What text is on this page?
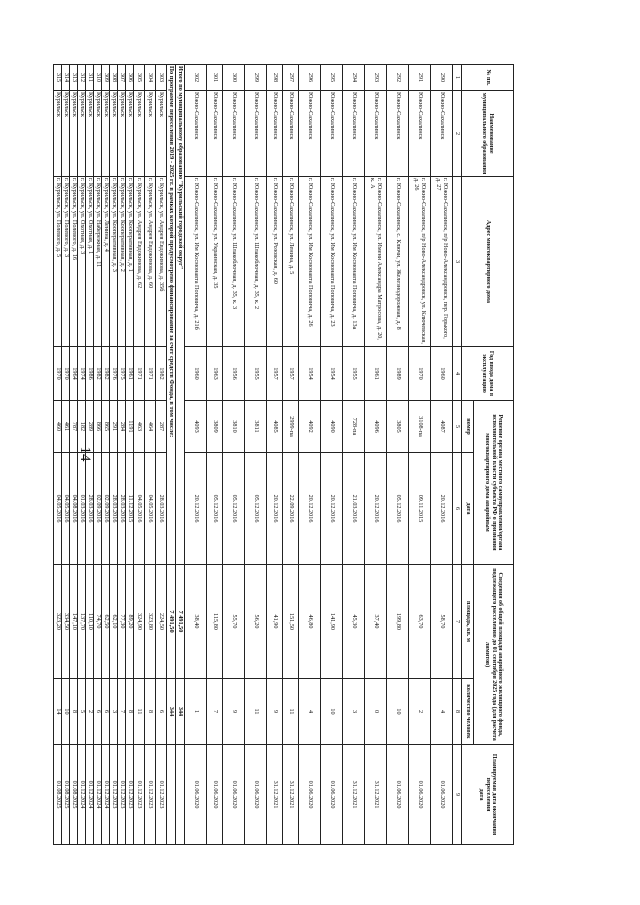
14
№ пп.	Наименование муниципального образования	Адрес многоквартирного дома	Год ввода дома в эксплуатацию	Решение органа местного самоуправления/органа исполнительной власти субъекта РФ о признании многоквартирного дома аварийным		Сведения об общей площади аварийного жилищного фонда, подлежащего расселению до 01 сентября 2025 года (для расчета лимитов)		Планируемая дата окончания переселения
дата
				номер	дата	площадь, кв. м	количество человек	
1	2	3	4	5	6	7	8	9
290	Южно-Сахалинск	г. Южно-Сахалинск, п/р Ново-Александровск, пер. Горького, д. 27	1960	4087	20.12.2016	58,70	4	01.06.2020
291	Южно-Сахалинск	г. Южно-Сахалинск, п/р Ново-Александровск, ул. Ключевская, д. 26	1970	3108-па	09.11.2015	63,70	2	01.06.2020
292	Южно-Сахалинск	г. Южно-Сахалинск, с. Ключи, ул. Железнодорожная, д. 8	1989	3805	05.12.2016	199,80	10	01.06.2020
293	Южно-Сахалинск	г. Южно-Сахалинск, ул. Имени Александра Матросова, д. 20, к. А	1961	4096	20.12.2016	37,40	0	31.12.2021
294	Южно-Сахалинск	г. Южно-Сахалинск, ул. Им Космонавта Поповича, д. 13а	1955	728-па	21.03.2016	45,30	3	31.12.2021
295	Южно-Сахалинск	г. Южно-Сахалинск, ул. Им Космонавта Поповича, д. 23	1954	4090	20.12.2016	141,90	10	01.06.2020
296	Южно-Сахалинск	г. Южно-Сахалинск, ул. Им Космонавта Поповича, д. 26	1954	4092	20.12.2016	46,80	4	01.06.2020
297	Южно-Сахалинск	г. Южно-Сахалинск, ул. Ленина, д. 5	1957	2999-па	22.09.2016	151,50	11	31.12.2021
298	Южно-Сахалинск	г. Южно-Сахалинск, ул. Розовская, д. 60	1957	4085	20.12.2016	41,90	9	31.12.2021
299	Южно-Сахалинск	г. Южно-Сахалинск, ул. Шлакоблочная, д. 35, к. 2	1955	3811	05.12.2016	56,20	11	01.06.2020
300	Южно-Сахалинск	г. Южно-Сахалинск, ул. Шлакоблочная, д. 35, к. 3	1956	3810	05.12.2016	55,70	9	01.06.2020
301	Южно-Сахалинск	г. Южно-Сахалинск, ул. Украинская, д. 35	1963	3809	05.12.2016	115,80	7	01.06.2020
302	Южно-Сахалинск	г. Южно-Сахалинск, ул. Им Космонавта Поповича, д. 21б	1960	4093	20.12.2016	38,40	1	01.06.2020
Итого по муниципальному образованию "Курильский городской округ"						7 491,50	344	
По программе переселения 2019 - 2025 гг. в рамках которой предусмотрено финансирование за счет средств Фонда, в том числе:						7 491,50	344	
303	Курильск	г. Курильск, ул. Андрея Евдокимова, д. 35б	1982	287	28.03.2016	224,50	6	01.12.2023
304	Курильск	г. Курильск, ул. Андрея Евдокимова, д. 60	1971	464	04.05.2016	323,80	8	01.12.2023
305	Курильск	г. Курильск, ул. Андрея Евдокимова, д. 62	1971	463	04.05.2016	324,90	11	01.12.2023
306	Курильск	г. Курильск, ул. Кооперативная, д. 1	1961	1191	11.12.2015	89,20	8	01.12.2023
307	Курильск	г. Курильск, ул. Кооперативная, д. 2	1975	284	28.03.2016	77,30	7	01.12.2023
308	Курильск	г. Курильск, ул. Кооперативная, д. 3	1976	291	28.03.2016	62,10	3	01.12.2023
309	Курильск	г. Курильск, ул. Ленина, д. 4	1982	865	02.09.2016	62,50	6	01.12.2024
310	Курильск	г. Курильск, ул. Набережная, д. 11	1982	866	02.09.2016	74,70	6	01.12.2024
311	Курильск	г. Курильск, ул. Охотная, д. 1	1986	289	28.03.2016	110,10	2	01.12.2024
312	Курильск	г. Курильск, ул. Охотная, д. 3	1974	182	01.03.2016	137,70	5	01.12.2024
313	Курильск	г. Курильск, ул. Полевого, д. 16	1964	787	04.08.2016	147,10	8	01.08.2025
314	Курильск	г. Курильск, ул. Полевого, д. 3	1970	461	04.05.2016	334,50	10	01.08.2025
315	Курильск	г. Курильск, ул. Полевого, д. 5	1970	460	04.05.2016	323,20	14	01.08.2025
